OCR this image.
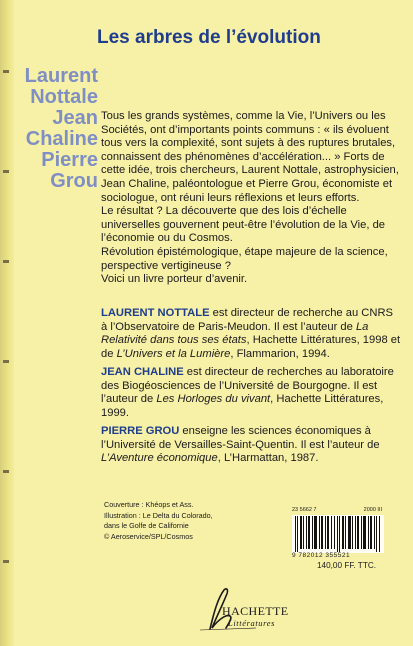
Les arbres de l’évolution
Laurent
Nottale
Jean
Chaline
Pierre
Grou

Tous les grands systèmes, comme la Vie, l’Univers ou les Sociétés, ont d’importants points communs : « ils évoluent tous vers la complexité, sont sujets à des ruptures brutales, connaissent des phénomènes d’accélération... » Forts de cette idée, trois chercheurs, Laurent Nottale, astrophysicien, Jean Chaline, paléontologue et Pierre Grou, économiste et sociologue, ont réuni leurs réflexions et leurs efforts.

Le résultat ? La découverte que des lois d’échelle universelles gouvernent peut-être l’évolution de la Vie, de l’économie ou du Cosmos.

Révolution épistémologique, étape majeure de la science, perspective vertigineuse ?

Voici un livre porteur d’avenir.

LAURENT NOTTALE est directeur de recherche au CNRS à l’Observatoire de Paris-Meudon. Il est l’auteur de La Relativité dans tous ses états, Hachette Littératures, 1998 et de L’Univers et la Lumière, Flammarion, 1994.
JEAN CHALINE est directeur de recherches au laboratoire des Biogéosciences de l’Université de Bourgogne. Il est l’auteur de Les Horloges du vivant, Hachette Littératures, 1999.
PIERRE GROU enseigne les sciences économiques à l’Université de Versailles-Saint-Quentin. Il est l’auteur de L’Aventure économique, L’Harmattan, 1987.
Couverture : Khéops et Ass.
Illustration : Le Delta du Colorado,
dans le Golfe de Californie
© Aeroservice/SPL/Cosmos
23 5662 7	2000 III
9 782012 355521
140,00 FF. TTC.
HACHETTE
Littératures
